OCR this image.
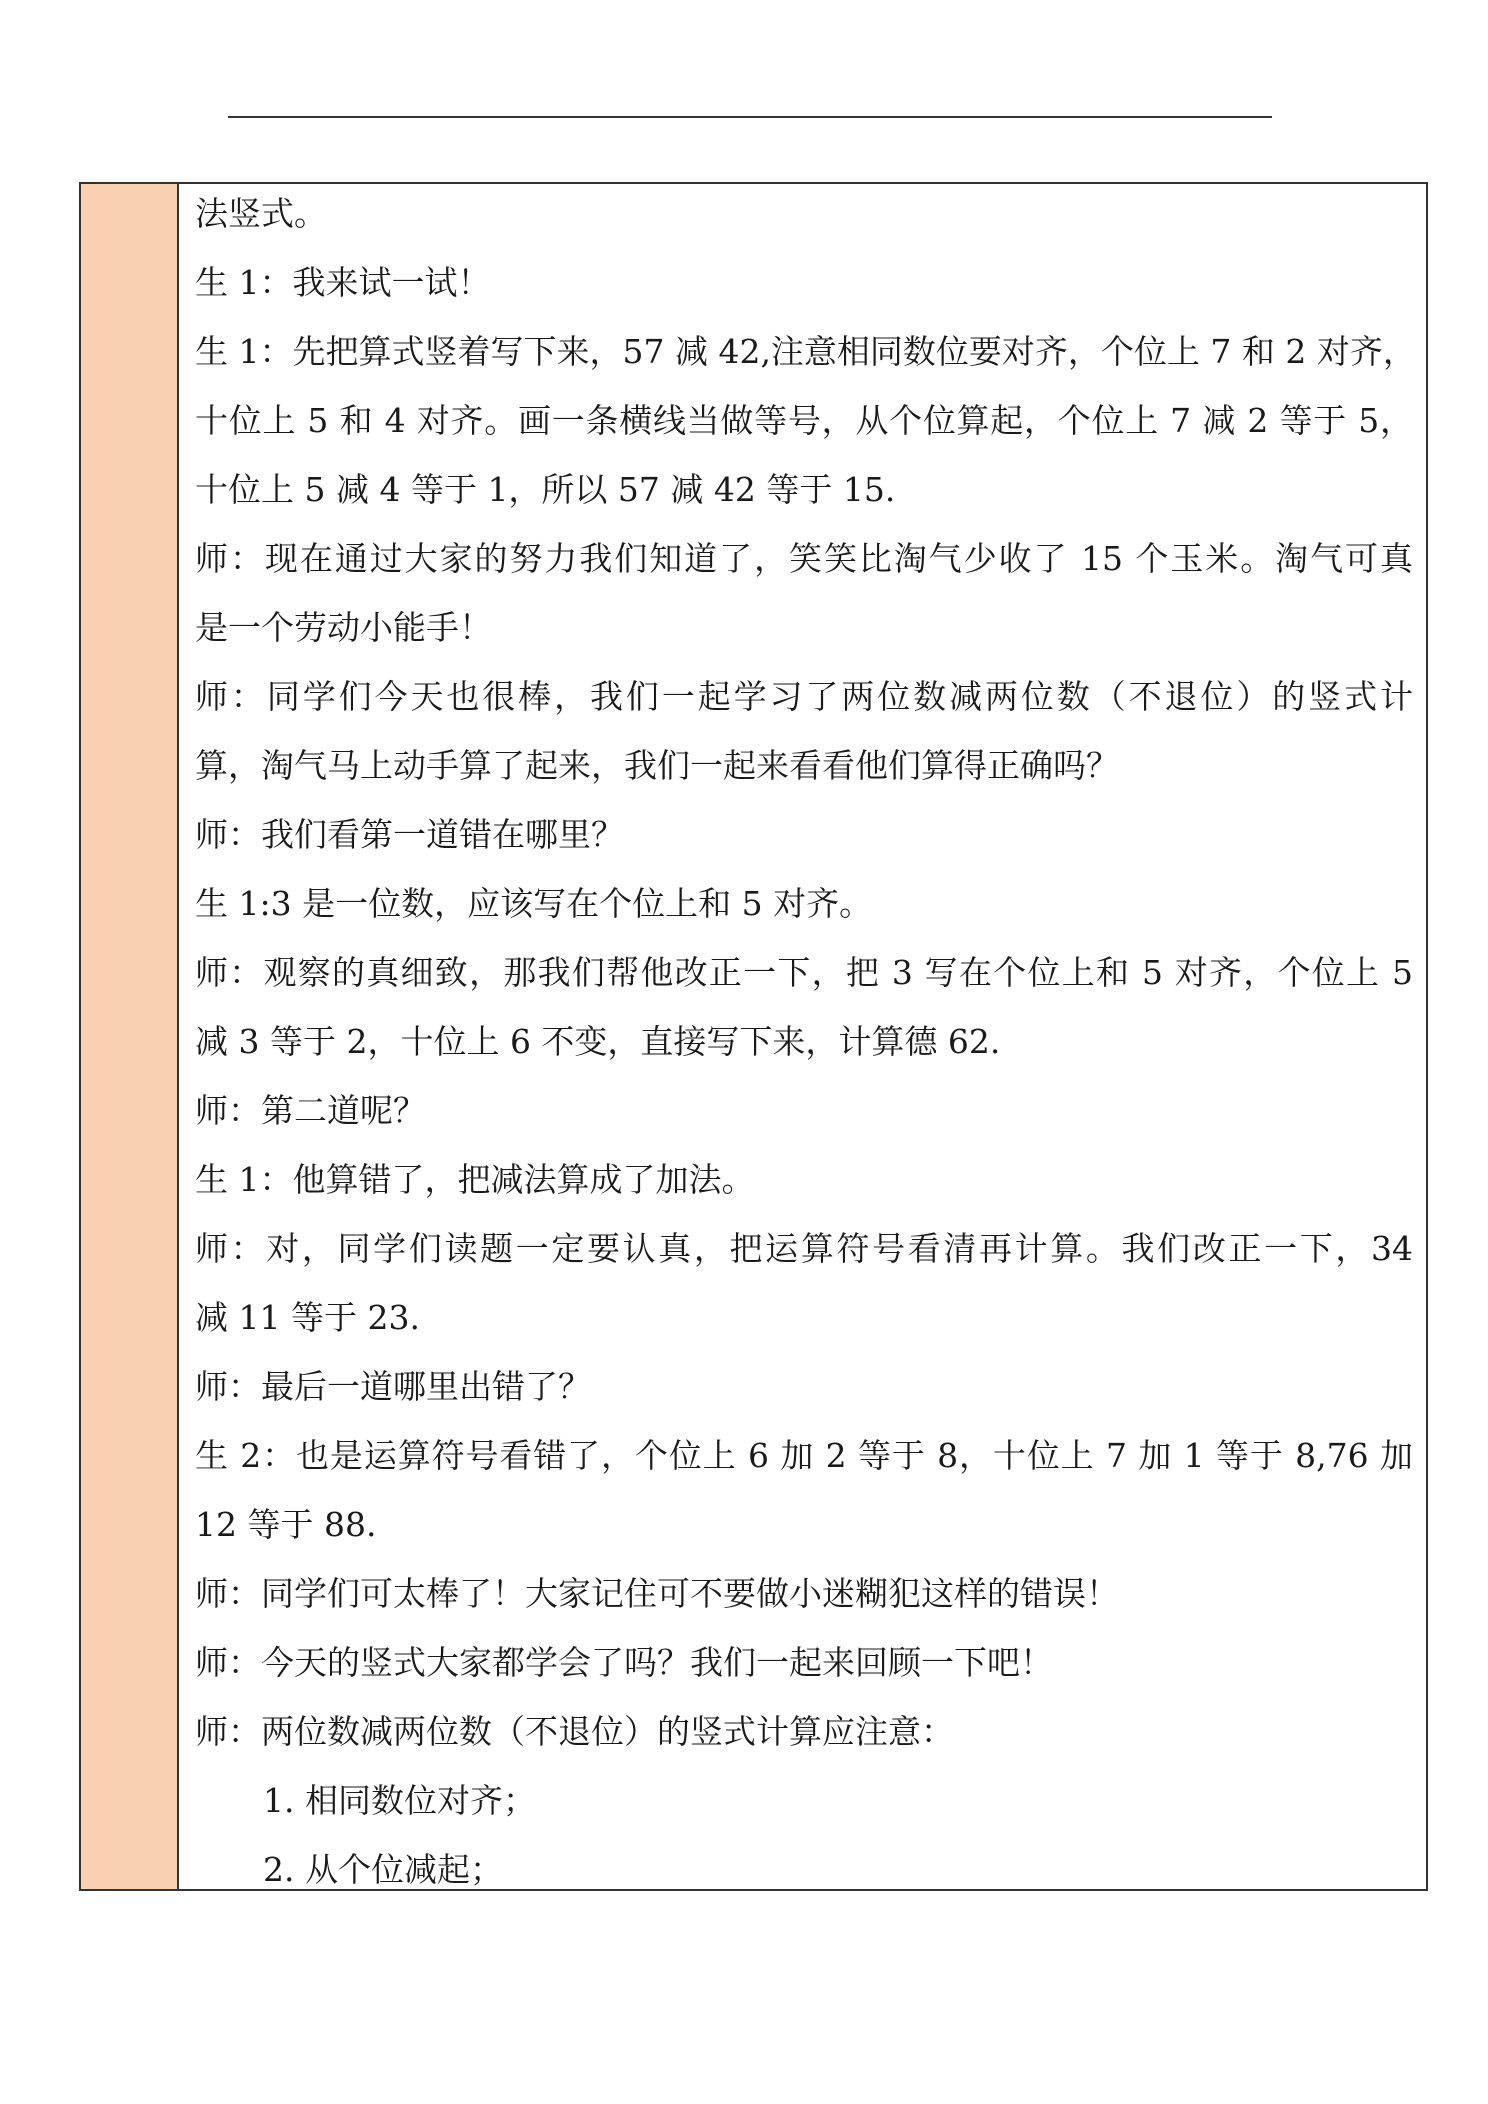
法竖式。
生 1：我来试一试！
生 1：先把算式竖着写下来，57 减 42,注意相同数位要对齐，个位上 7 和 2 对齐，
十位上 5 和 4 对齐。画一条横线当做等号，从个位算起，个位上 7 减 2 等于 5，
十位上 5 减 4 等于 1，所以 57 减 42 等于 15.
师：现在通过大家的努力我们知道了，笑笑比淘气少收了 15 个玉米。淘气可真
是一个劳动小能手！
师：同学们今天也很棒，我们一起学习了两位数减两位数（不退位）的竖式计
算，淘气马上动手算了起来，我们一起来看看他们算得正确吗？
师：我们看第一道错在哪里？
生 1:3 是一位数，应该写在个位上和 5 对齐。
师：观察的真细致，那我们帮他改正一下，把 3 写在个位上和 5 对齐，个位上 5
减 3 等于 2，十位上 6 不变，直接写下来，计算德 62.
师：第二道呢？
生 1：他算错了，把减法算成了加法。
师：对，同学们读题一定要认真，把运算符号看清再计算。我们改正一下，34
减 11 等于 23.
师：最后一道哪里出错了？
生 2：也是运算符号看错了，个位上 6 加 2 等于 8，十位上 7 加 1 等于 8,76 加
12 等于 88.
师：同学们可太棒了！大家记住可不要做小迷糊犯这样的错误！
师：今天的竖式大家都学会了吗？我们一起来回顾一下吧！
师：两位数减两位数（不退位）的竖式计算应注意：
1. 相同数位对齐；
2. 从个位减起；
